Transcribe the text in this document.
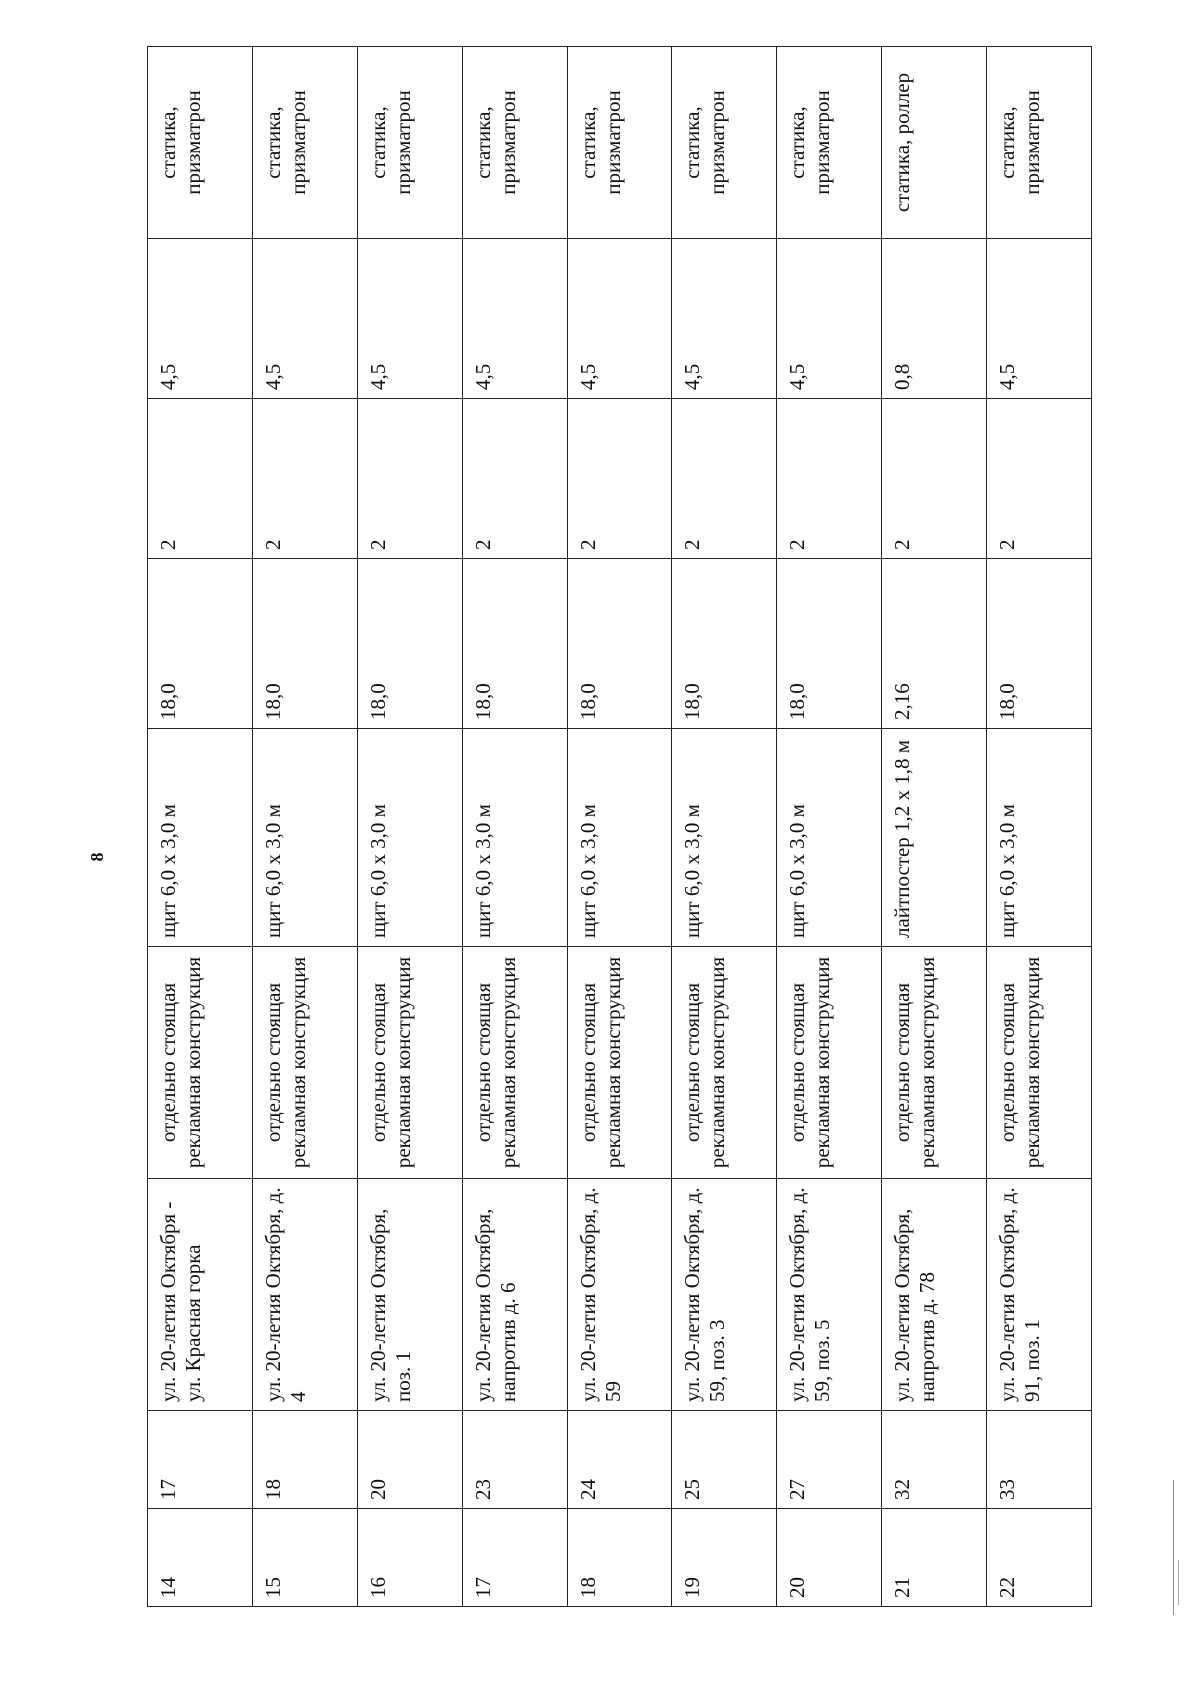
8
14	17	ул. 20-летия Октября - ул. Красная горка	отдельно стоящая рекламная конструкция	щит 6,0 х 3,0 м	18,0	2	4,5	статика, призматрон
15	18	ул. 20-летия Октября, д. 4	отдельно стоящая рекламная конструкция	щит 6,0 х 3,0 м	18,0	2	4,5	статика, призматрон
16	20	ул. 20-летия Октября, поз. 1	отдельно стоящая рекламная конструкция	щит 6,0 х 3,0 м	18,0	2	4,5	статика, призматрон
17	23	ул. 20-летия Октября, напротив д. 6	отдельно стоящая рекламная конструкция	щит 6,0 х 3,0 м	18,0	2	4,5	статика, призматрон
18	24	ул. 20-летия Октября, д. 59	отдельно стоящая рекламная конструкция	щит 6,0 х 3,0 м	18,0	2	4,5	статика, призматрон
19	25	ул. 20-летия Октября, д. 59, поз. 3	отдельно стоящая рекламная конструкция	щит 6,0 х 3,0 м	18,0	2	4,5	статика, призматрон
20	27	ул. 20-летия Октября, д. 59, поз. 5	отдельно стоящая рекламная конструкция	щит 6,0 х 3,0 м	18,0	2	4,5	статика, призматрон
21	32	ул. 20-летия Октября, напротив д. 78	отдельно стоящая рекламная конструкция	лайтпостер 1,2 х 1,8 м	2,16	2	0,8	статика, роллер
22	33	ул. 20-летия Октября, д. 91, поз. 1	отдельно стоящая рекламная конструкция	щит 6,0 х 3,0 м	18,0	2	4,5	статика, призматрон
